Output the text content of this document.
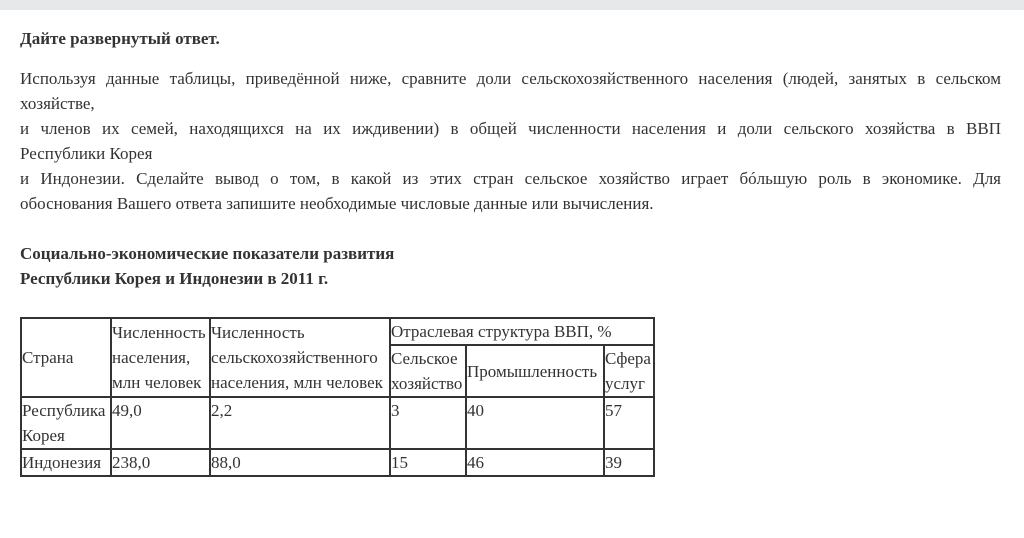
Дайте развернутый ответ.

Используя данные таблицы, приведённой ниже, сравните доли сельскохозяйственного населения (людей, занятых в сельском
хозяйстве,
и членов их семей, находящихся на их иждивении) в общей численности населения и доли сельского хозяйства в ВВП
Республики Корея
и Индонезии. Сделайте вывод о том, в какой из этих стран сельское хозяйство играет бóльшую роль в экономике. Для
обоснования Вашего ответа запишите необходимые числовые данные или вычисления.
Социально-экономические показатели развития
Республики Корея и Индонезии в 2011 г.
Страна	Численность населения, млн человек	Численность сельскохозяйственного населения, млн человек	Отраслевая структура ВВП, %		
			Сельское хозяйство	Промышленность	Сфера услуг
Республика Корея	49,0	2,2	3	40	57
Индонезия	238,0	88,0	15	46	39
